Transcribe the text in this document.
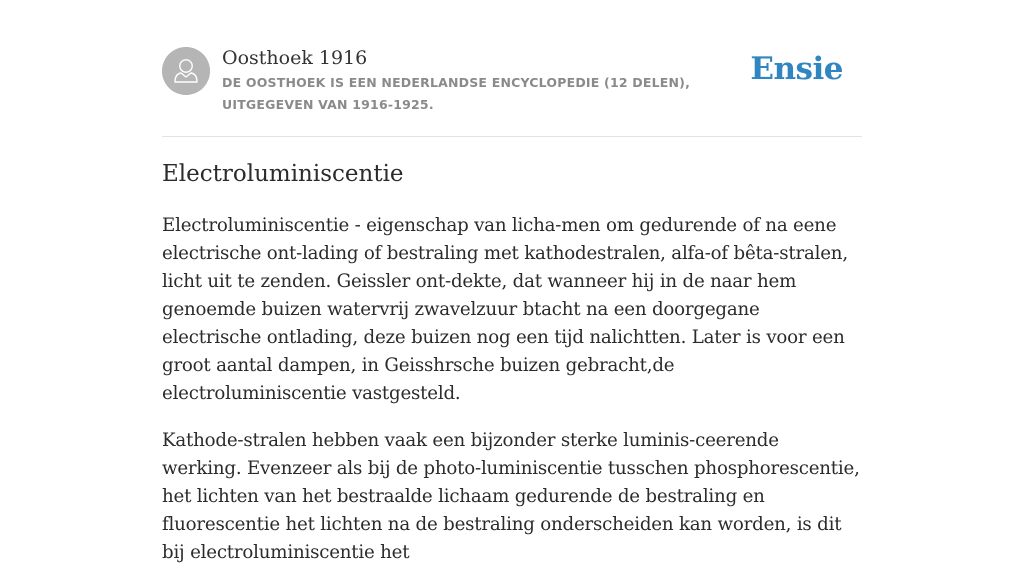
Oosthoek 1916
DE OOSTHOEK IS EEN NEDERLANDSE ENCYCLOPEDIE (12 DELEN), UITGEGEVEN VAN 1916-1925.
Ensie
Electroluminiscentie

Electroluminiscentie - eigenschap van licha-men om gedurende of na eene electrische ont-lading of bestraling met kathodestralen, alfa-of bêta-stralen, licht uit te zenden. Geissler ont-dekte, dat wanneer hij in de naar hem genoemde buizen watervrij zwavelzuur btacht na een doorgegane electrische ontlading, deze buizen nog een tijd nalichtten. Later is voor een groot aantal dampen, in Geisshrsche buizen gebracht,de electroluminiscentie vastgesteld.

Kathode-stralen hebben vaak een bijzonder sterke luminis-ceerende werking. Evenzeer als bij de photo-luminiscentie tusschen phosphorescentie, het lichten van het bestraalde lichaam gedurende de bestraling en fluorescentie het lichten na de bestraling onderscheiden kan worden, is dit bij electroluminiscentie het
